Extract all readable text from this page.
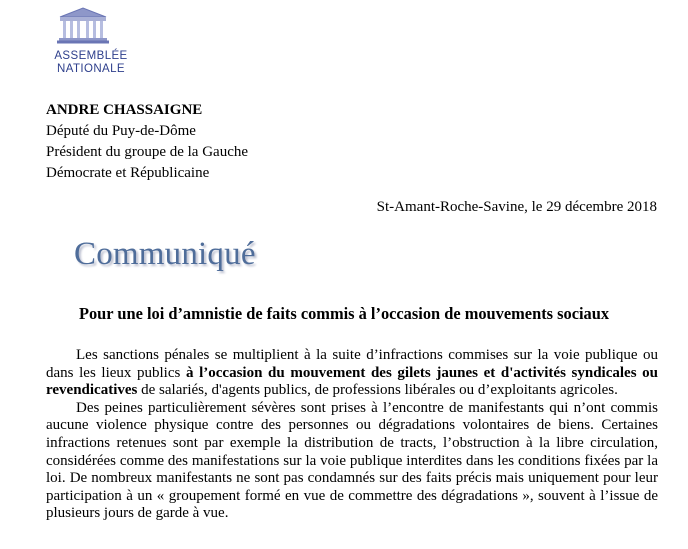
ASSEMBLÉE
NATIONALE
ANDRE CHASSAIGNE
Député du Puy-de-Dôme
Président du groupe de la Gauche
Démocrate et Républicaine
St-Amant-Roche-Savine, le 29 décembre 2018
Communiqué
Pour une loi d’amnistie de faits commis à l’occasion de mouvements sociaux

Les sanctions pénales se multiplient à la suite d’infractions commises sur la voie publique ou dans les lieux publics à l’occasion du mouvement des gilets jaunes et d'activités syndicales ou revendicatives de salariés, d'agents publics, de professions libérales ou d’exploitants agricoles.

Des peines particulièrement sévères sont prises à l’encontre de manifestants qui n’ont commis aucune violence physique contre des personnes ou dégradations volontaires de biens. Certaines infractions retenues sont par exemple la distribution de tracts, l’obstruction à la libre circulation, considérées comme des manifestations sur la voie publique interdites dans les conditions fixées par la loi. De nombreux manifestants ne sont pas condamnés sur des faits précis mais uniquement pour leur participation à un « groupement formé en vue de commettre des dégradations », souvent à l’issue de plusieurs jours de garde à vue.
